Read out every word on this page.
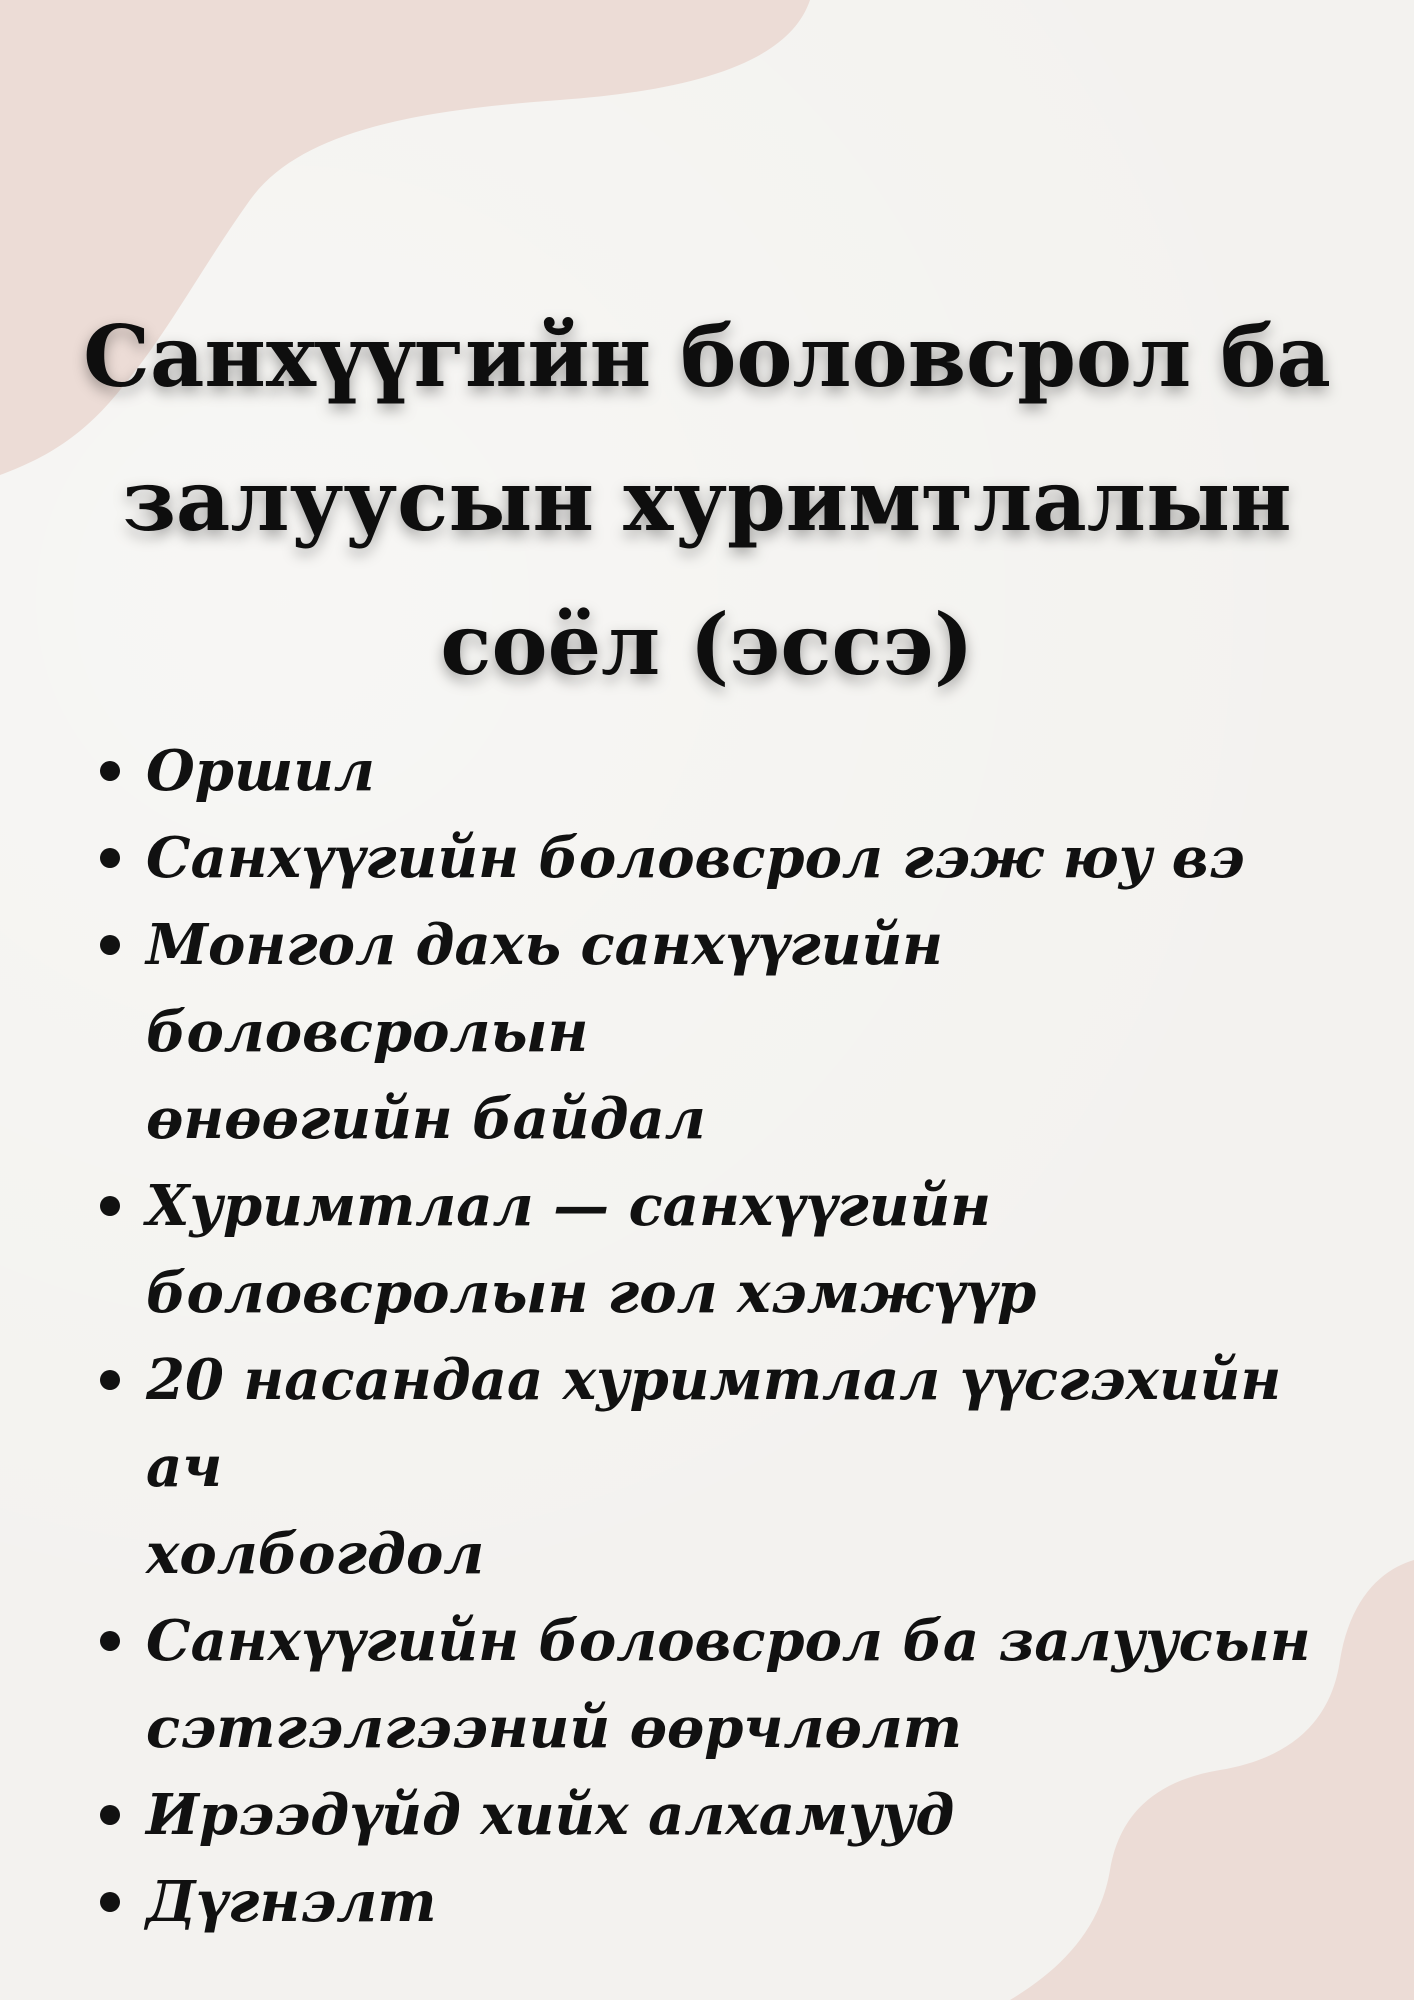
Санхүүгийн боловсрол ба
залуусын хуримтлалын
соёл (эссэ)
Оршил
Санхүүгийн боловсрол гэж юу вэ
Монгол дахь санхүүгийн боловсролын
өнөөгийн байдал
Хуримтлал — санхүүгийн
боловсролын гол хэмжүүр
20 насандаа хуримтлал үүсгэхийн ач
холбогдол
Санхүүгийн боловсрол ба залуусын
сэтгэлгээний өөрчлөлт
Ирээдүйд хийх алхамууд
Дүгнэлт
